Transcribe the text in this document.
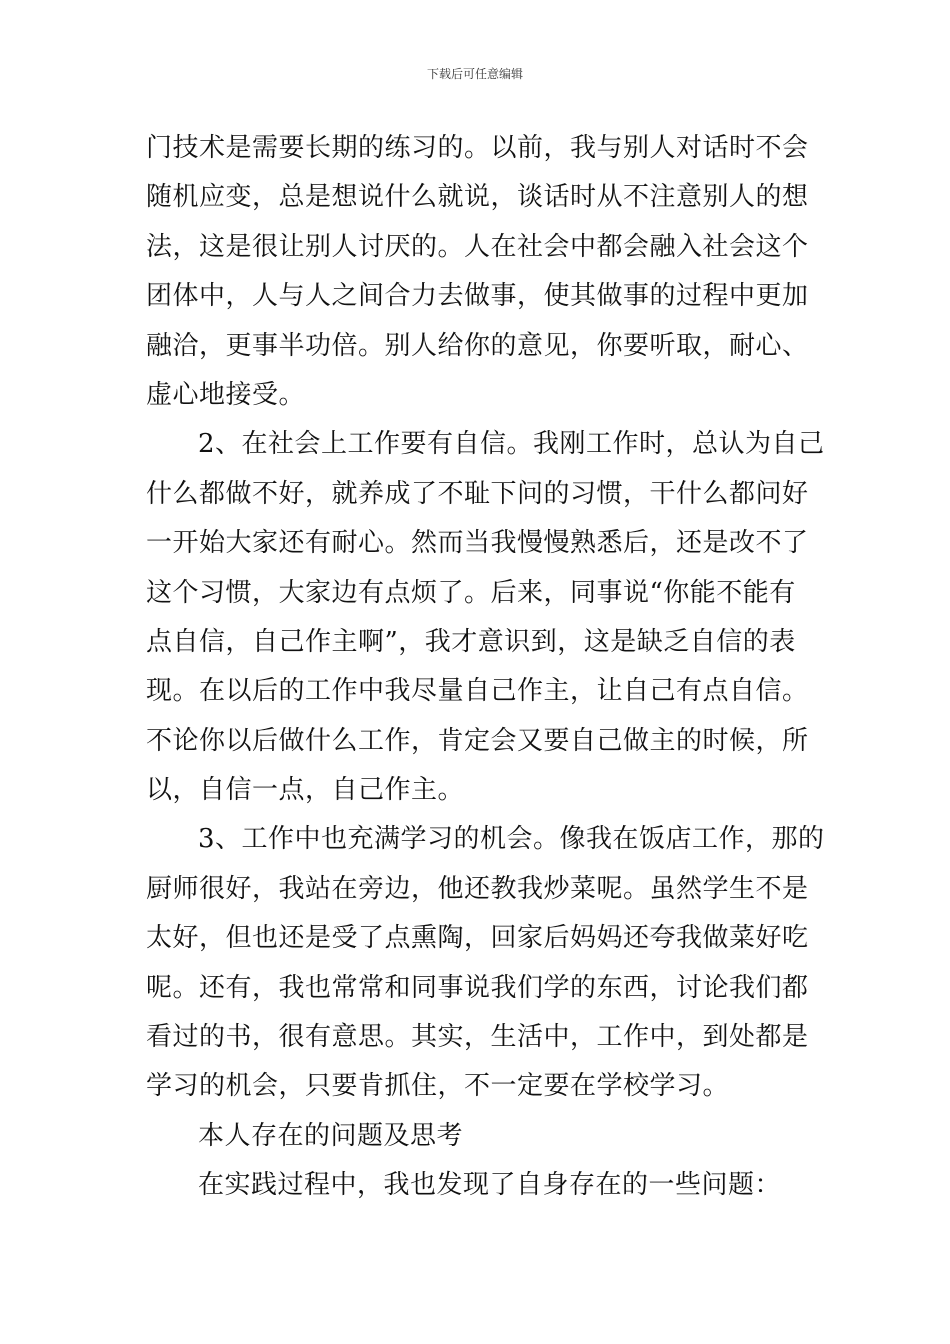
下载后可任意编辑
门技术是需要长期的练习的。以前，我与别人对话时不会
随机应变，总是想说什么就说，谈话时从不注意别人的想
法，这是很让别人讨厌的。人在社会中都会融入社会这个
团体中，人与人之间合力去做事，使其做事的过程中更加
融洽，更事半功倍。别人给你的意见，你要听取，耐心、
虚心地接受。
2、在社会上工作要有自信。我刚工作时，总认为自己
什么都做不好，就养成了不耻下问的习惯，干什么都问好
一开始大家还有耐心。然而当我慢慢熟悉后，还是改不了
这个习惯，大家边有点烦了。后来，同事说“你能不能有
点自信，自己作主啊”，我才意识到，这是缺乏自信的表
现。在以后的工作中我尽量自己作主，让自己有点自信。
不论你以后做什么工作，肯定会又要自己做主的时候，所
以，自信一点，自己作主。
3、工作中也充满学习的机会。像我在饭店工作，那的
厨师很好，我站在旁边，他还教我炒菜呢。虽然学生不是
太好，但也还是受了点熏陶，回家后妈妈还夸我做菜好吃
呢。还有，我也常常和同事说我们学的东西，讨论我们都
看过的书，很有意思。其实，生活中，工作中，到处都是
学习的机会，只要肯抓住，不一定要在学校学习。
本人存在的问题及思考
在实践过程中，我也发现了自身存在的一些问题：
